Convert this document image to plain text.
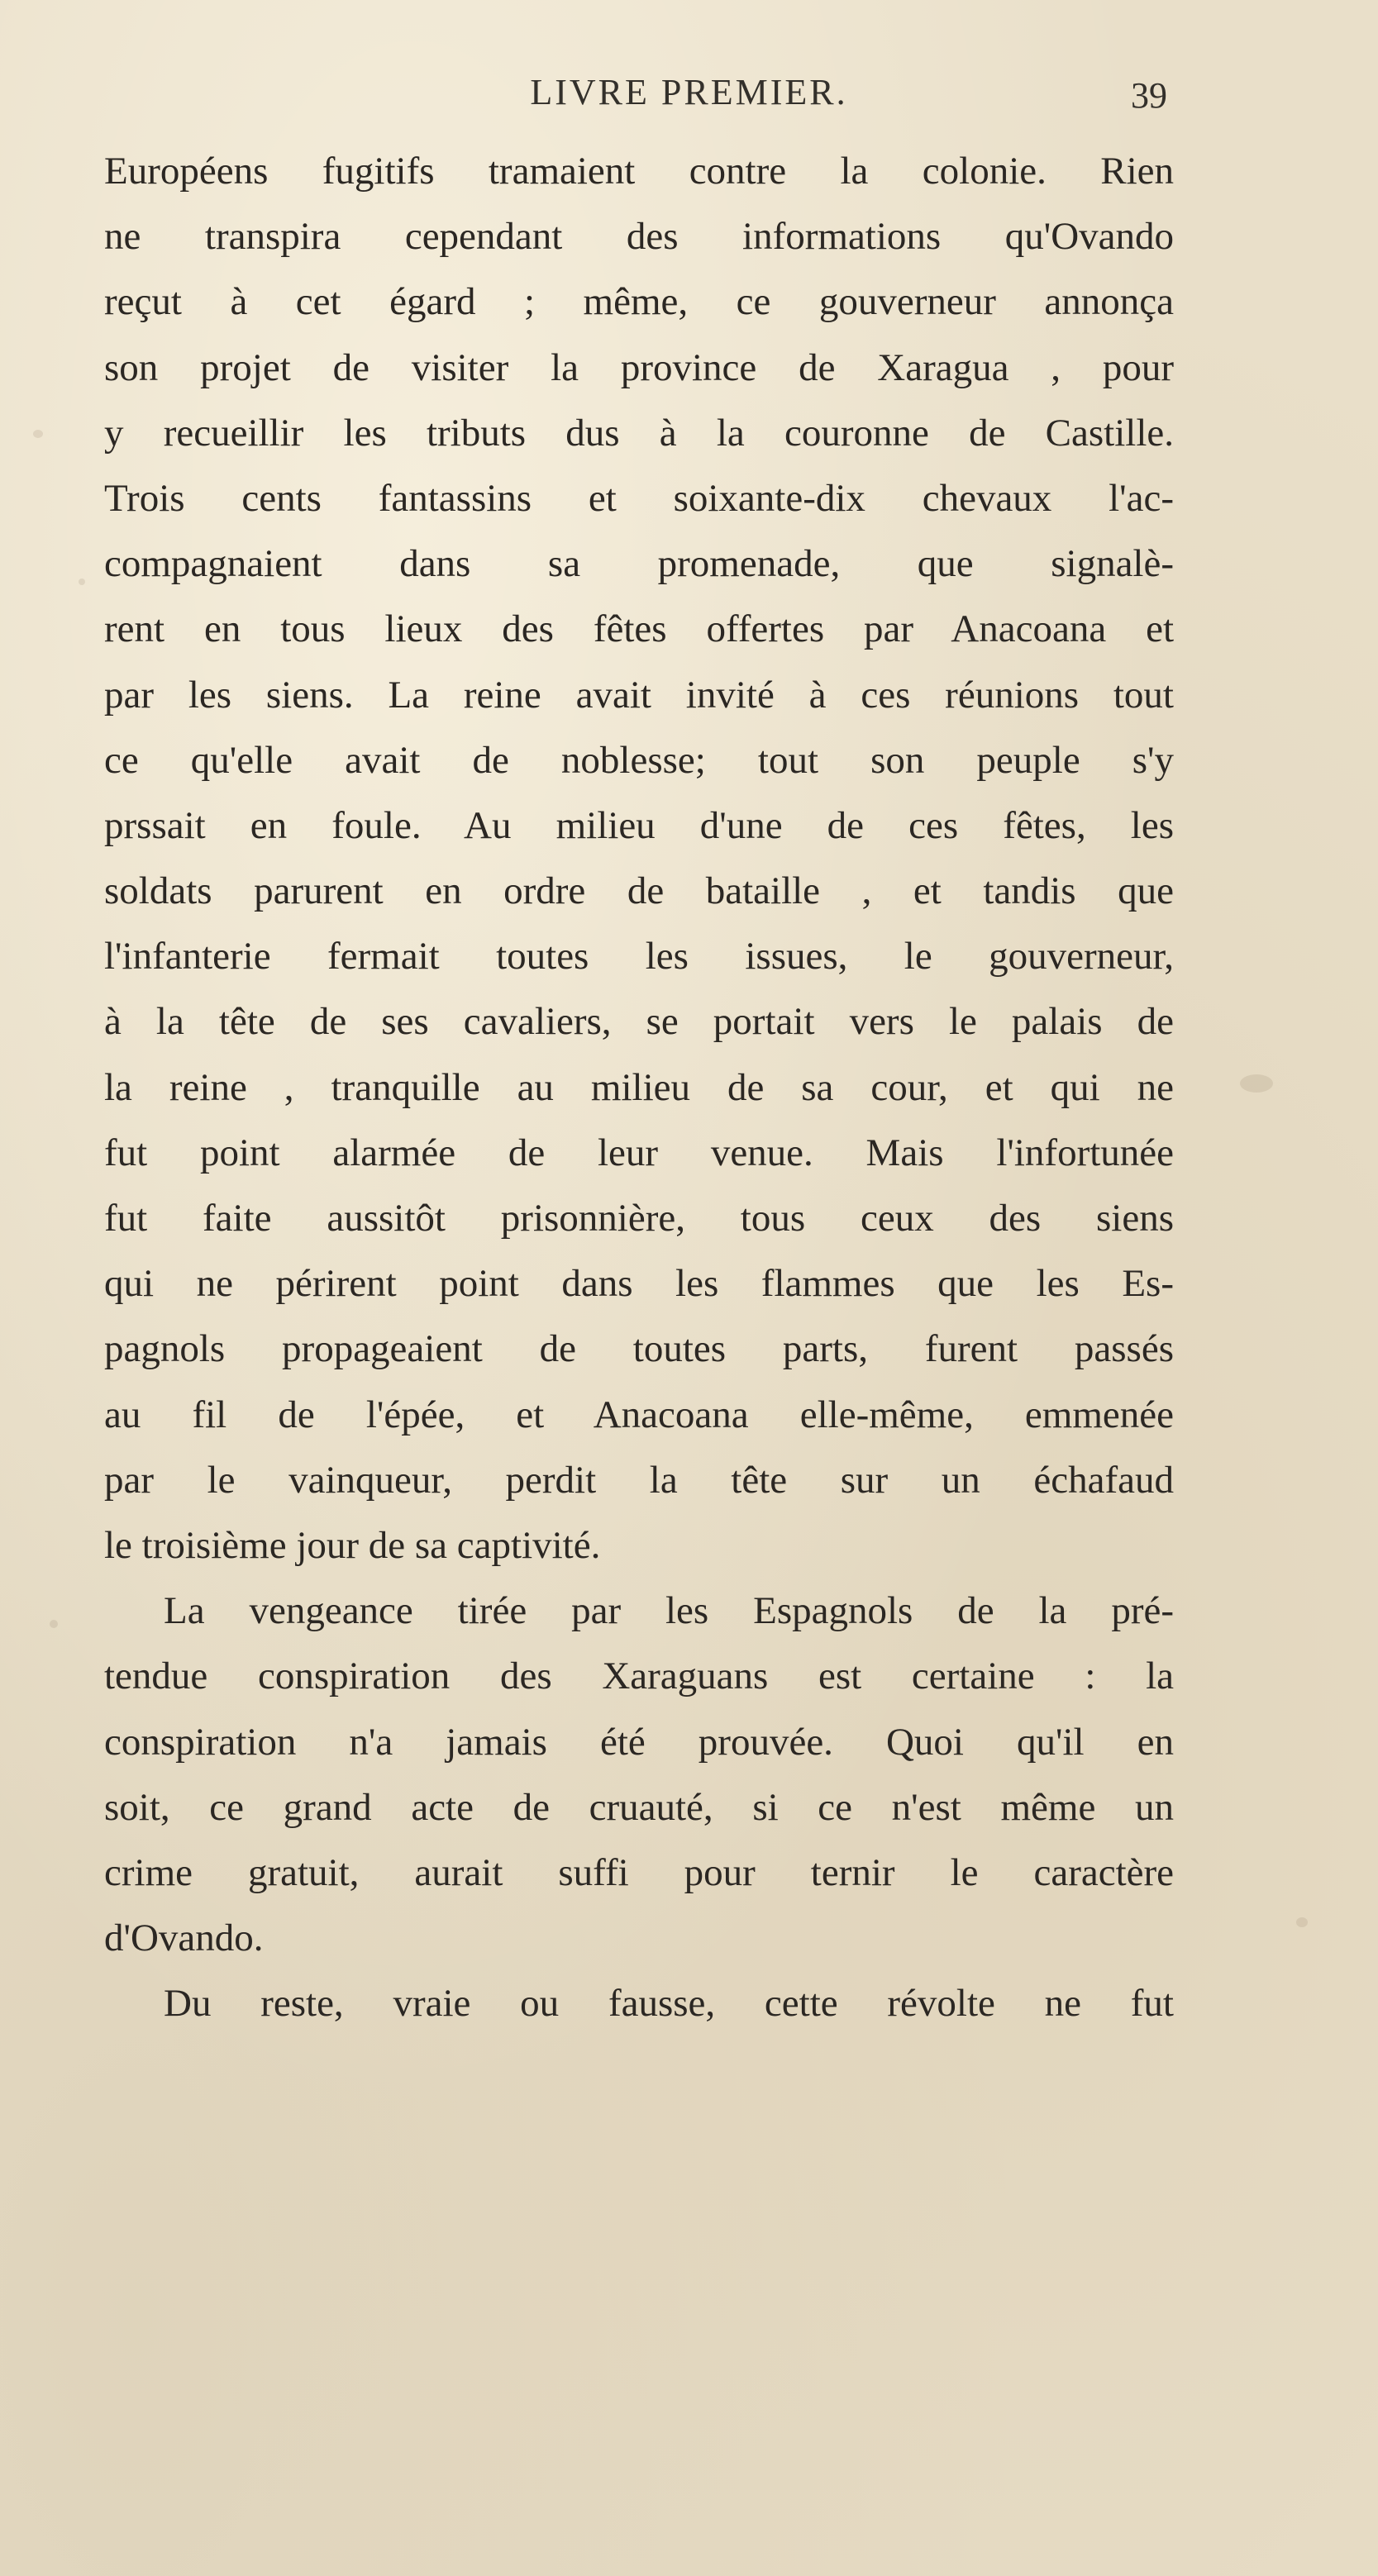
LIVRE PREMIER.	39
Européens fugitifs tramaient contre la colonie. Rien
ne transpira cependant des informations qu'Ovando
reçut à cet égard ; même, ce gouverneur annonça
son projet de visiter la province de Xaragua , pour
y recueillir les tributs dus à la couronne de Castille.
Trois cents fantassins et soixante-dix chevaux l'ac-
compagnaient dans sa promenade, que signalè-
rent en tous lieux des fêtes offertes par Anacoana et
par les siens. La reine avait invité à ces réunions tout
ce qu'elle avait de noblesse; tout son peuple s'y
prssait en foule. Au milieu d'une de ces fêtes, les
soldats parurent en ordre de bataille , et tandis que
l'infanterie fermait toutes les issues, le gouverneur,
à la tête de ses cavaliers, se portait vers le palais de
la reine , tranquille au milieu de sa cour, et qui ne
fut point alarmée de leur venue. Mais l'infortunée
fut faite aussitôt prisonnière, tous ceux des siens
qui ne périrent point dans les flammes que les Es-
pagnols propageaient de toutes parts, furent passés
au fil de l'épée, et Anacoana elle-même, emmenée
par le vainqueur, perdit la tête sur un échafaud
le troisième jour de sa captivité.
La vengeance tirée par les Espagnols de la pré-
tendue conspiration des Xaraguans est certaine : la
conspiration n'a jamais été prouvée. Quoi qu'il en
soit, ce grand acte de cruauté, si ce n'est même un
crime gratuit, aurait suffi pour ternir le caractère
d'Ovando.
Du reste, vraie ou fausse, cette révolte ne fut
